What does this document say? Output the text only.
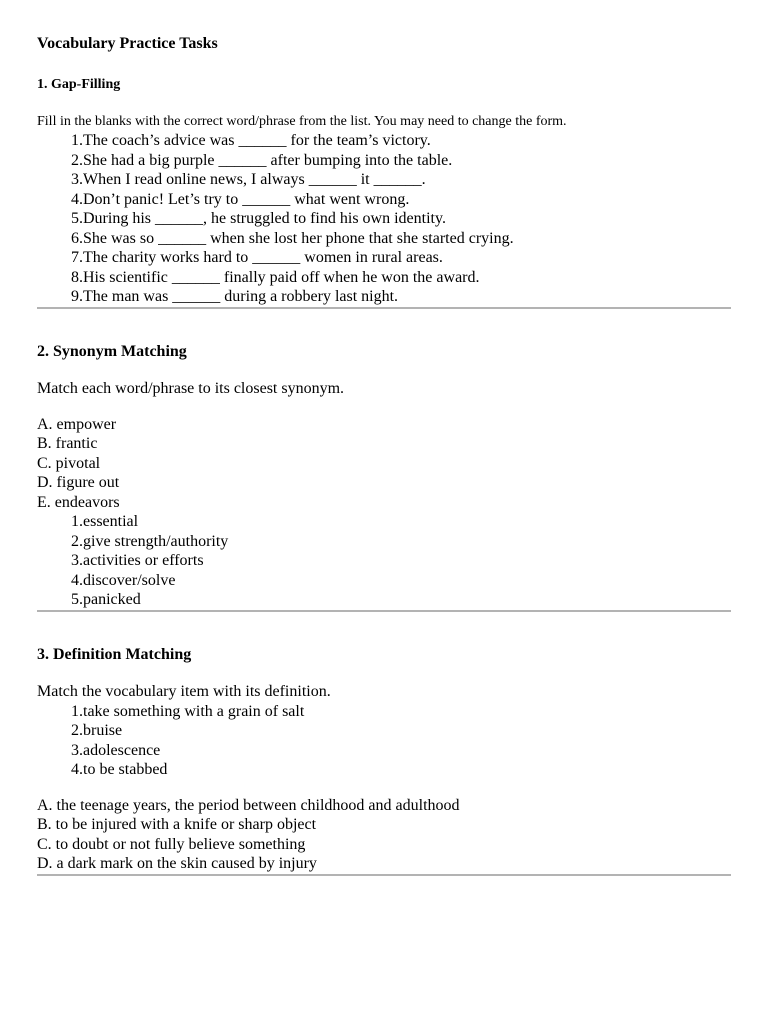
Vocabulary Practice Tasks
1. Gap-Filling

Fill in the blanks with the correct word/phrase from the list. You may need to change the form.

1. The coach’s advice was ______ for the team’s victory.
2. She had a big purple ______ after bumping into the table.
3. When I read online news, I always ______ it ______.
4. Don’t panic! Let’s try to ______ what went wrong.
5. During his ______, he struggled to find his own identity.
6. She was so ______ when she lost her phone that she started crying.
7. The charity works hard to ______ women in rural areas.
8. His scientific ______ finally paid off when he won the award.
9. The man was ______ during a robbery last night.
2. Synonym Matching

Match each word/phrase to its closest synonym.

A. empower
B. frantic
C. pivotal
D. figure out
E. endeavors
1. essential
2. give strength/authority
3. activities or efforts
4. discover/solve
5. panicked
3. Definition Matching

Match the vocabulary item with its definition.

1. take something with a grain of salt
2. bruise
3. adolescence
4. to be stabbed
A. the teenage years, the period between childhood and adulthood
B. to be injured with a knife or sharp object
C. to doubt or not fully believe something
D. a dark mark on the skin caused by injury
